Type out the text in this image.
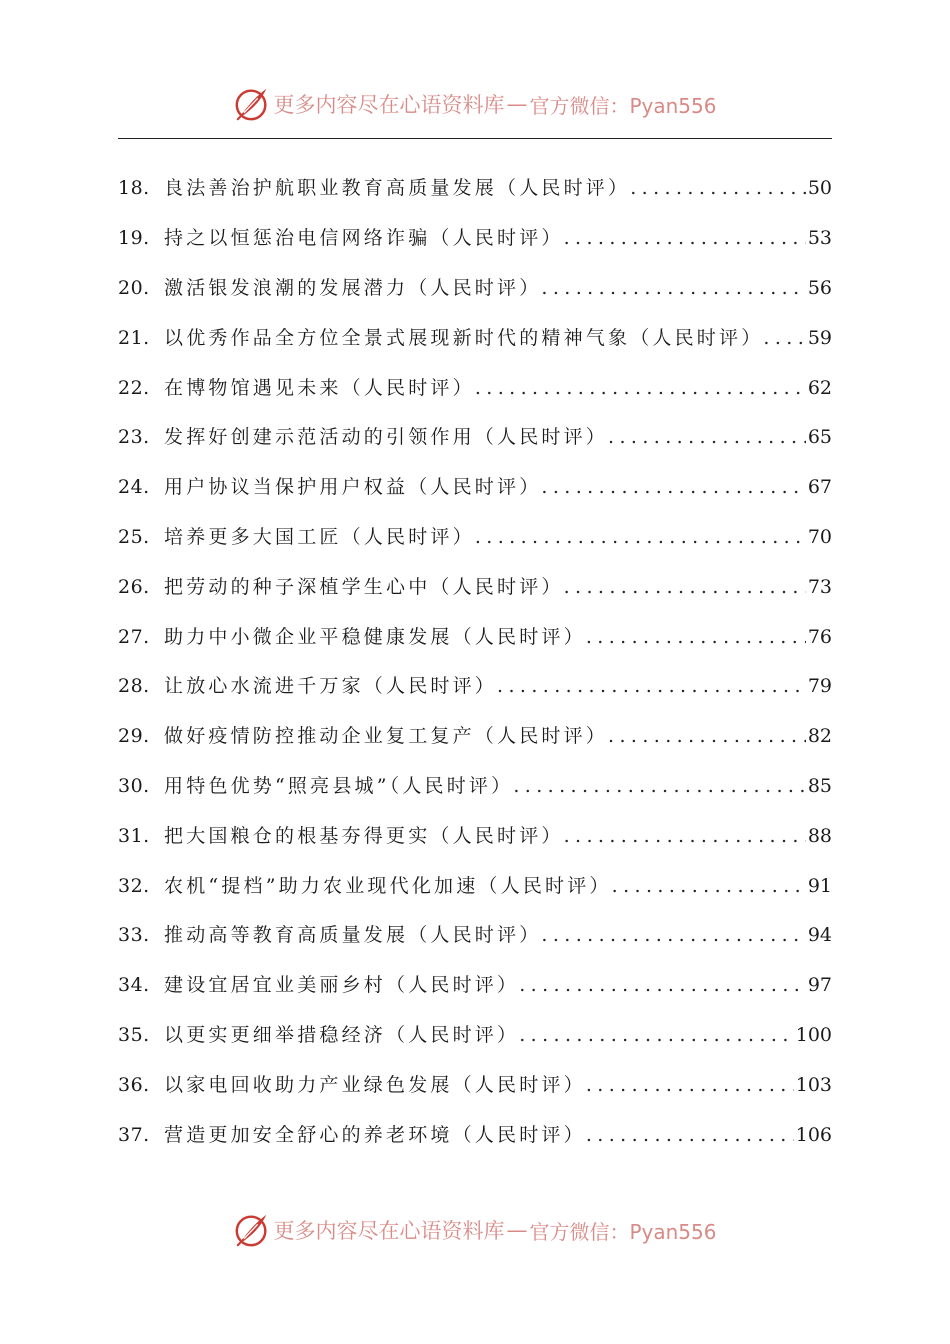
更多内容尽在心语资料库 — 官方微信：Pyan556
18. 良法善治护航职业教育高质量发展（人民时评） .....	50
19. 持之以恒惩治电信网络诈骗（人民时评） .....	53
20. 激活银发浪潮的发展潜力（人民时评） .....	56
21. 以优秀作品全方位全景式展现新时代的精神气象（人民时评） ..... 59
22. 在博物馆遇见未来（人民时评） .....	62
23. 发挥好创建示范活动的引领作用（人民时评） .....	65
24. 用户协议当保护用户权益（人民时评） .....	67
25. 培养更多大国工匠（人民时评） .....	70
26. 把劳动的种子深植学生心中（人民时评） .....	73
27. 助力中小微企业平稳健康发展（人民时评） .....	76
28. 让放心水流进千万家（人民时评） .....	79
29. 做好疫情防控推动企业复工复产（人民时评） .....	82
30. 用特色优势“照亮县城”（人民时评） .....	85
31. 把大国粮仓的根基夯得更实（人民时评） .....	88
32. 农机“提档”助力农业现代化加速（人民时评） .....	91
33. 推动高等教育高质量发展（人民时评） .....	94
34. 建设宜居宜业美丽乡村（人民时评） .....	97
35. 以更实更细举措稳经济（人民时评） .....	100
36. 以家电回收助力产业绿色发展（人民时评） .....	103
37. 营造更加安全舒心的养老环境（人民时评） .....	106
更多内容尽在心语资料库 — 官方微信：Pyan556
